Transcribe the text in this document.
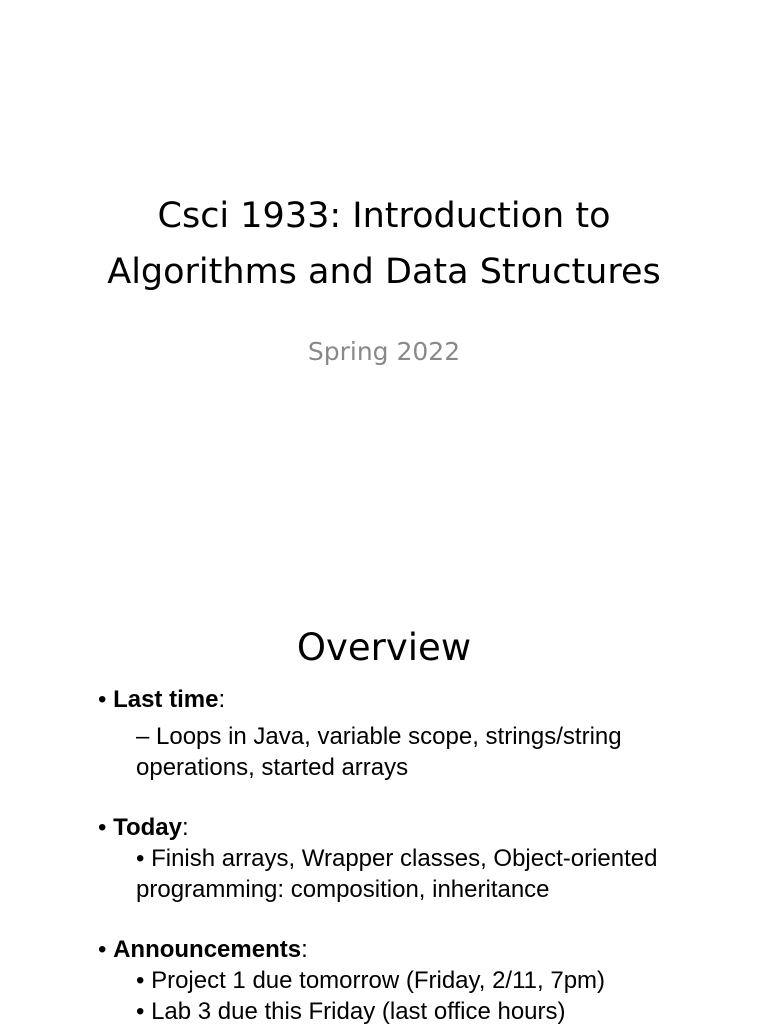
Csci 1933: Introduction to
Algorithms and Data Structures
Spring 2022
Overview
• Last time:
– Loops in Java, variable scope, strings/string
operations, started arrays
• Today:
• Finish arrays, Wrapper classes, Object-oriented
programming: composition, inheritance
• Announcements:
• Project 1 due tomorrow (Friday, 2/11, 7pm)
• Lab 3 due this Friday (last office hours)
